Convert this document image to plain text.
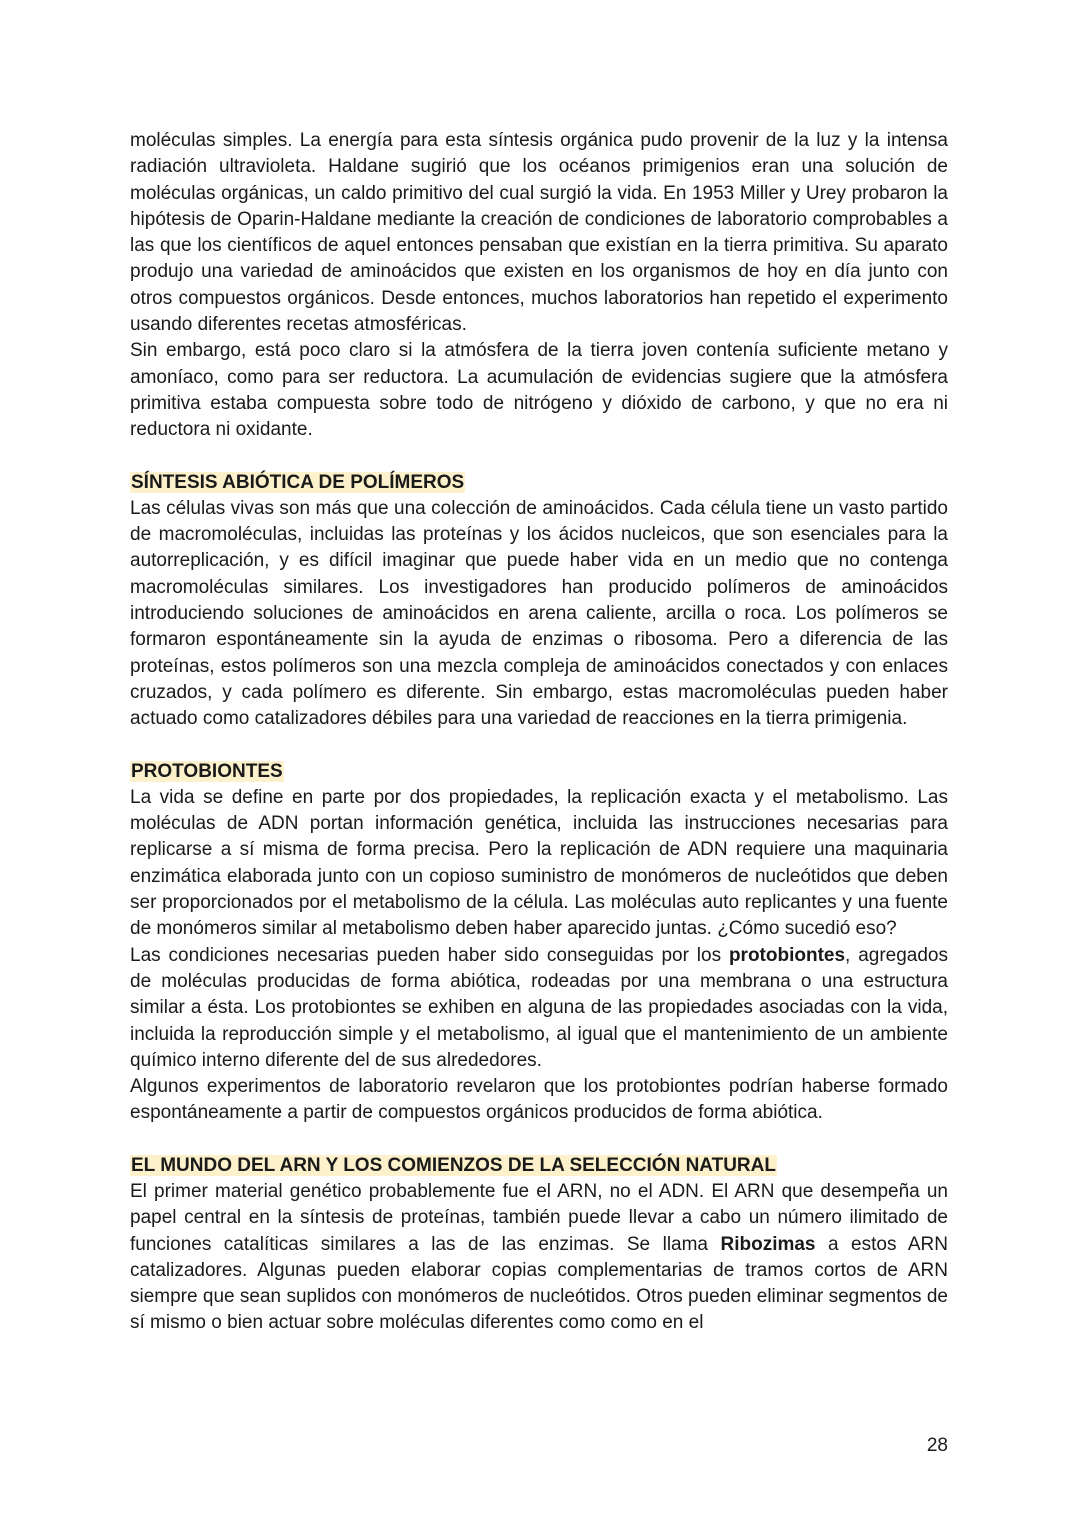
moléculas simples. La energía para esta síntesis orgánica pudo provenir de la luz y la intensa radiación ultravioleta. Haldane sugirió que los océanos primigenios eran una solución de moléculas orgánicas, un caldo primitivo del cual surgió la vida. En 1953 Miller y Urey probaron la hipótesis de Oparin-Haldane mediante la creación de condiciones de laboratorio comprobables a las que los científicos de aquel entonces pensaban que existían en la tierra primitiva. Su aparato produjo una variedad de aminoácidos que existen en los organismos de hoy en día junto con otros compuestos orgánicos. Desde entonces, muchos laboratorios han repetido el experimento usando diferentes recetas atmosféricas.

Sin embargo, está poco claro si la atmósfera de la tierra joven contenía suficiente metano y amoníaco, como para ser reductora. La acumulación de evidencias sugiere que la atmósfera primitiva estaba compuesta sobre todo de nitrógeno y dióxido de carbono, y que no era ni reductora ni oxidante.

SÍNTESIS ABIÓTICA DE POLÍMEROS

Las células vivas son más que una colección de aminoácidos. Cada célula tiene un vasto partido de macromoléculas, incluidas las proteínas y los ácidos nucleicos, que son esenciales para la autorreplicación, y es difícil imaginar que puede haber vida en un medio que no contenga macromoléculas similares. Los investigadores han producido polímeros de aminoácidos introduciendo soluciones de aminoácidos en arena caliente, arcilla o roca. Los polímeros se formaron espontáneamente sin la ayuda de enzimas o ribosoma. Pero a diferencia de las proteínas, estos polímeros son una mezcla compleja de aminoácidos conectados y con enlaces cruzados, y cada polímero es diferente. Sin embargo, estas macromoléculas pueden haber actuado como catalizadores débiles para una variedad de reacciones en la tierra primigenia.

PROTOBIONTES

La vida se define en parte por dos propiedades, la replicación exacta y el metabolismo. Las moléculas de ADN portan información genética, incluida las instrucciones necesarias para replicarse a sí misma de forma precisa. Pero la replicación de ADN requiere una maquinaria enzimática elaborada junto con un copioso suministro de monómeros de nucleótidos que deben ser proporcionados por el metabolismo de la célula. Las moléculas auto replicantes y una fuente de monómeros similar al metabolismo deben haber aparecido juntas. ¿Cómo sucedió eso?

Las condiciones necesarias pueden haber sido conseguidas por los protobiontes, agregados de moléculas producidas de forma abiótica, rodeadas por una membrana o una estructura similar a ésta. Los protobiontes se exhiben en alguna de las propiedades asociadas con la vida, incluida la reproducción simple y el metabolismo, al igual que el mantenimiento de un ambiente químico interno diferente del de sus alrededores.

Algunos experimentos de laboratorio revelaron que los protobiontes podrían haberse formado espontáneamente a partir de compuestos orgánicos producidos de forma abiótica.

EL MUNDO DEL ARN Y LOS COMIENZOS DE LA SELECCIÓN NATURAL

El primer material genético probablemente fue el ARN, no el ADN. El ARN que desempeña un papel central en la síntesis de proteínas, también puede llevar a cabo un número ilimitado de funciones catalíticas similares a las de las enzimas. Se llama Ribozimas a estos ARN catalizadores. Algunas pueden elaborar copias complementarias de tramos cortos de ARN siempre que sean suplidos con monómeros de nucleótidos. Otros pueden eliminar segmentos de sí mismo o bien actuar sobre moléculas diferentes como como en el

28
